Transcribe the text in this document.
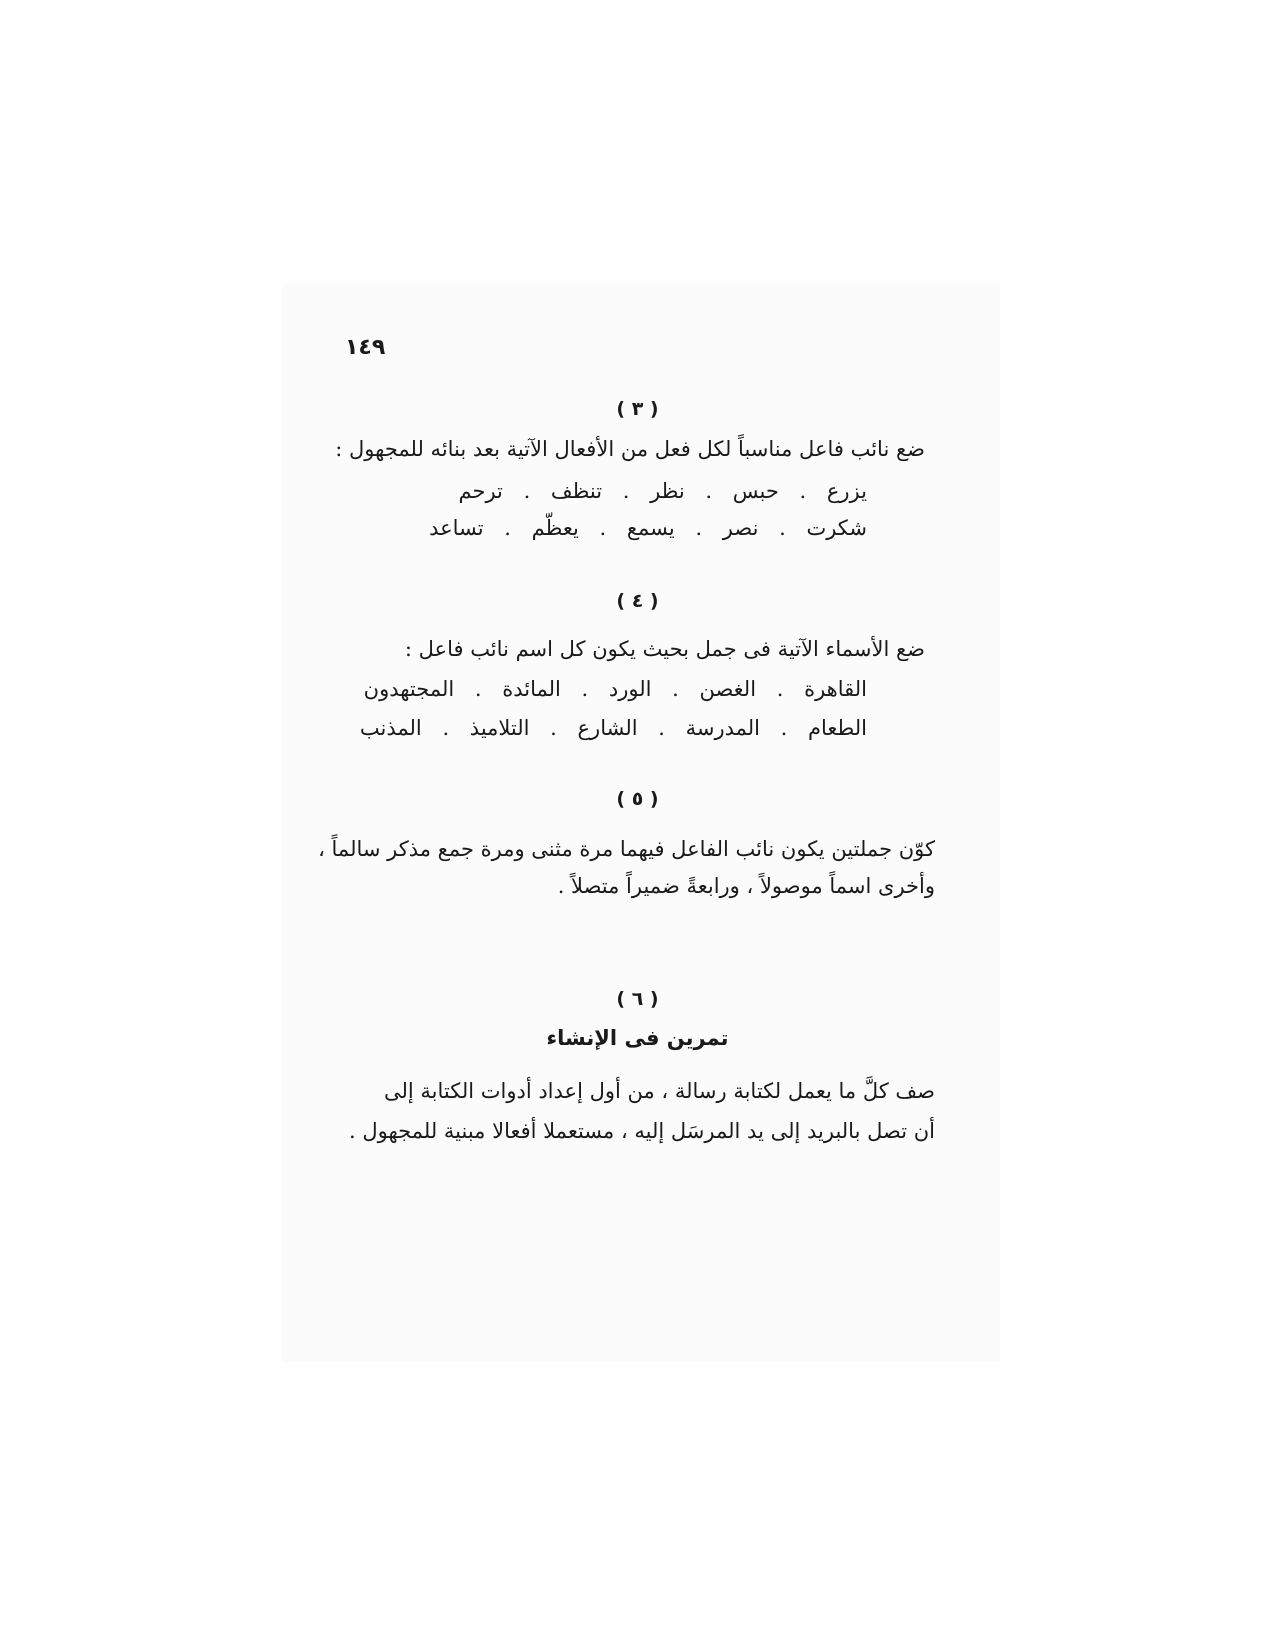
١٤٩
( ٣ )
ضع نائب فاعل مناسباً لكل فعل من الأفعال الآتية بعد بنائه للمجهول :
يزرع . حبس . نظر . تنظف . ترحم
شكرت . نصر . يسمع . يعظّم . تساعد
( ٤ )
ضع الأسماء الآتية فى جمل بحيث يكون كل اسم نائب فاعل :
القاهرة . الغصن . الورد . المائدة . المجتهدون
الطعام . المدرسة . الشارع . التلاميذ . المذنب
( ٥ )
كوّن جملتين يكون نائب الفاعل فيهما مرة مثنى ومرة جمع مذكر سالماً ،
وأخرى اسماً موصولاً ، ورابعةً ضميراً متصلاً .
( ٦ )
تمرين فى الإنشاء
صف كلَّ ما يعمل لكتابة رسالة ، من أول إعداد أدوات الكتابة إلى
أن تصل بالبريد إلى يد المرسَل إليه ، مستعملا أفعالا مبنية للمجهول .
